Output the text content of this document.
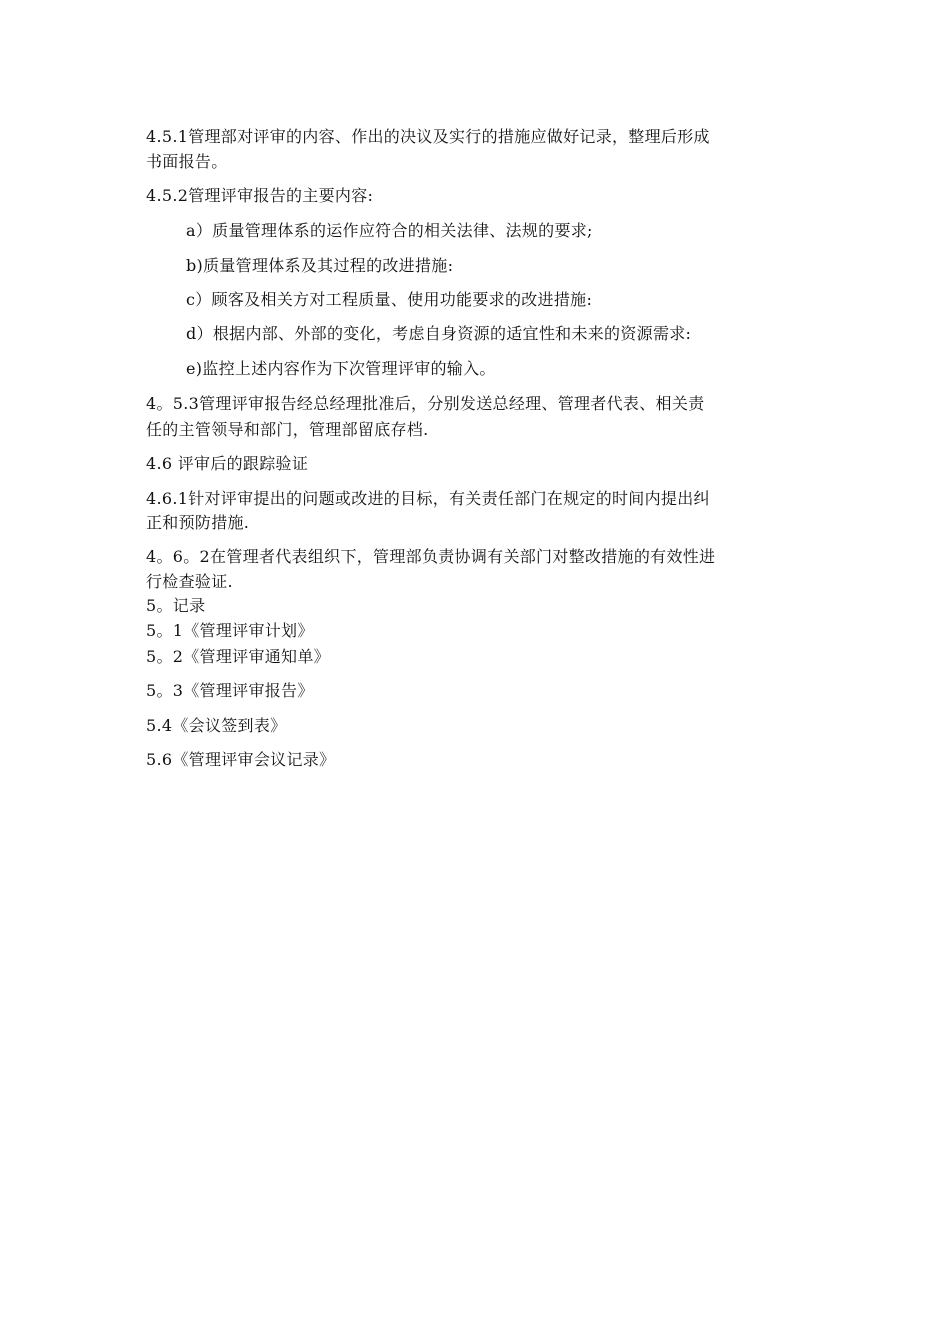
4.5.1管理部对评审的内容、作出的决议及实行的措施应做好记录，整理后形成
书面报告。
4.5.2管理评审报告的主要内容:
a）质量管理体系的运作应符合的相关法律、法规的要求;
b)质量管理体系及其过程的改进措施:
c）顾客及相关方对工程质量、使用功能要求的改进措施:
d）根据内部、外部的变化，考虑自身资源的适宜性和未来的资源需求:
e)监控上述内容作为下次管理评审的输入。
4。5.3管理评审报告经总经理批准后，分别发送总经理、管理者代表、相关责
任的主管领导和部门，管理部留底存档.
4.6 评审后的跟踪验证
4.6.1针对评审提出的问题或改进的目标，有关责任部门在规定的时间内提出纠
正和预防措施.
4。6。2在管理者代表组织下，管理部负责协调有关部门对整改措施的有效性进
行检查验证.
5。记录
5。1《管理评审计划》
5。2《管理评审通知单》
5。3《管理评审报告》
5.4《会议签到表》
5.6《管理评审会议记录》
